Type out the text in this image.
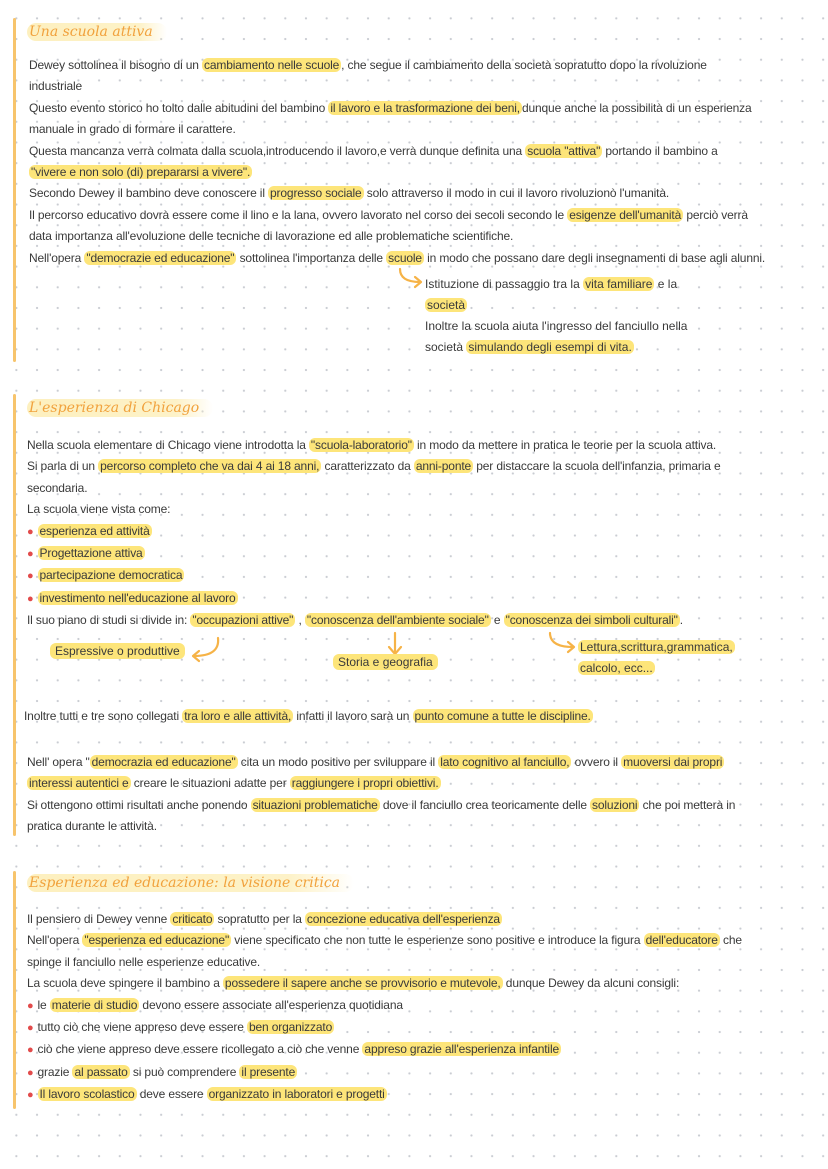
Una scuola attiva
Dewey sottolinea il bisogno di un cambiamento nelle scuole , che segue il cambiamento della società sopratutto dopo la rivoluzione
industriale
Questo evento storico ho tolto dalle abitudini del bambino il lavoro e la trasformazione dei beni, dunque anche la possibilità di un esperienza
manuale in grado di formare il carattere.
Questa mancanza verrà colmata dalla scuola,introducendo il lavoro,e verrà dunque definita una scuola "attiva" portando il bambino a
"vivere e non solo (di) prepararsi a vivere".
Secondo Dewey il bambino deve conoscere il progresso sociale solo attraverso il modo in cui il lavoro rivoluzionò l'umanità.
Il percorso educativo dovrà essere come il lino e la lana, ovvero lavorato nel corso dei secoli secondo le esigenze dell'umanità perciò verrà
data importanza all'evoluzione delle tecniche di lavorazione ed alle problematiche scientifiche.
Nell'opera "democrazie ed educazione" sottolinea l'importanza delle scuole in modo che possano dare degli insegnamenti di base agli alunni.
Istituzione di passaggio tra la vita familiare e la
società
Inoltre la scuola aiuta l'ingresso del fanciullo nella
società simulando degli esempi di vita.
L'esperienza di Chicago
Nella scuola elementare di Chicago viene introdotta la "scuola-laboratorio" in modo da mettere in pratica le teorie per la scuola attiva.
Si parla di un percorso completo che va dai 4 ai 18 anni, caratterizzato da anni-ponte per distaccare la scuola dell'infanzia, primaria e
secondaria.
La scuola viene vista come:
● esperienza ed attività
● Progettazione attiva
● partecipazione democratica
● investimento nell'educazione al lavoro
Il suo piano di studi si divide in: "occupazioni attive" , "conoscenza dell'ambiente sociale" e "conoscenza dei simboli culturali" .
Espressive o produttive
Storia e geografia
Lettura,scrittura,grammatica,
calcolo, ecc...
Inoltre tutti e tre sono collegati tra loro e alle attività, infatti il lavoro sarà un punto comune a tutte le discipline.
Nell' opera " democrazia ed educazione" cita un modo positivo per sviluppare il lato cognitivo al fanciullo, ovvero il muoversi dai propri
interessi autentici e creare le situazioni adatte per raggiungere i propri obiettivi.
Si ottengono ottimi risultati anche ponendo situazioni problematiche dove il fanciullo crea teoricamente delle soluzioni che poi metterà in
pratica durante le attività.
Esperienza ed educazione: la visione critica
Il pensiero di Dewey venne criticato sopratutto per la concezione educativa dell'esperienza
Nell'opera "esperienza ed educazione" viene specificato che non tutte le esperienze sono positive e introduce la figura dell'educatore che
spinge il fanciullo nelle esperienze educative.
La scuola deve spingere il bambino a possedere il sapere anche se provvisorio e mutevole, dunque Dewey da alcuni consigli:
● le materie di studio devono essere associate all'esperienza quotidiana
● tutto ciò che viene appreso deve essere ben organizzato
● ciò che viene appreso deve essere ricollegato a ciò che venne appreso grazie all'esperienza infantile
● grazie al passato si può comprendere il presente
● Il lavoro scolastico deve essere organizzato in laboratori e progetti
